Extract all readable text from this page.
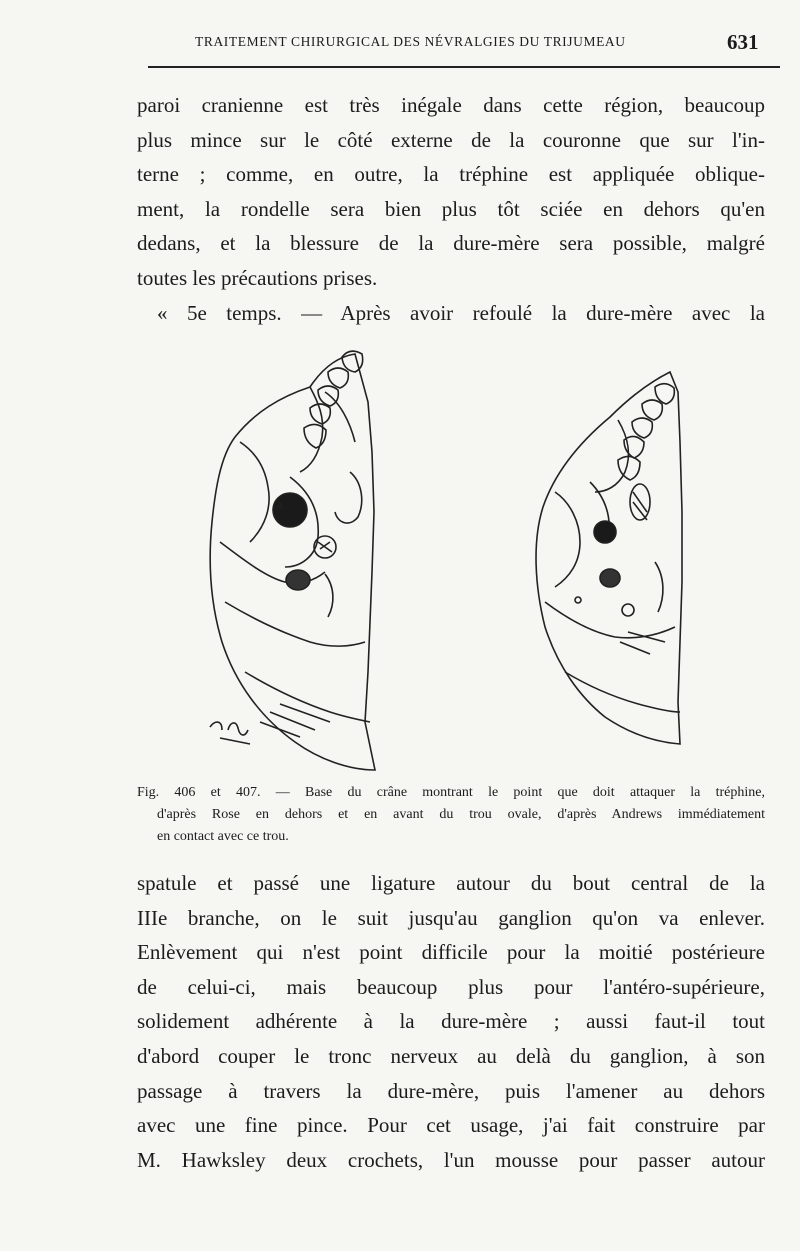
TRAITEMENT CHIRURGICAL DES NÉVRALGIES DU TRIJUMEAU	631
paroi cranienne est très inégale dans cette région, beaucoup
plus mince sur le côté externe de la couronne que sur l'in-
terne ; comme, en outre, la tréphine est appliquée oblique-
ment, la rondelle sera bien plus tôt sciée en dehors qu'en
dedans, et la blessure de la dure-mère sera possible, malgré
toutes les précautions prises.
« 5e temps. — Après avoir refoulé la dure-mère avec la
A
Fig. 406 et 407. — Base du crâne montrant le point que doit attaquer la tréphine,
d'après Rose en dehors et en avant du trou ovale, d'après Andrews immédiatement
en contact avec ce trou.
spatule et passé une ligature autour du bout central de la
IIIe branche, on le suit jusqu'au ganglion qu'on va enlever.
Enlèvement qui n'est point difficile pour la moitié postérieure
de celui-ci, mais beaucoup plus pour l'antéro-supérieure,
solidement adhérente à la dure-mère ; aussi faut-il tout
d'abord couper le tronc nerveux au delà du ganglion, à son
passage à travers la dure-mère, puis l'amener au dehors
avec une fine pince. Pour cet usage, j'ai fait construire par
M. Hawksley deux crochets, l'un mousse pour passer autour
